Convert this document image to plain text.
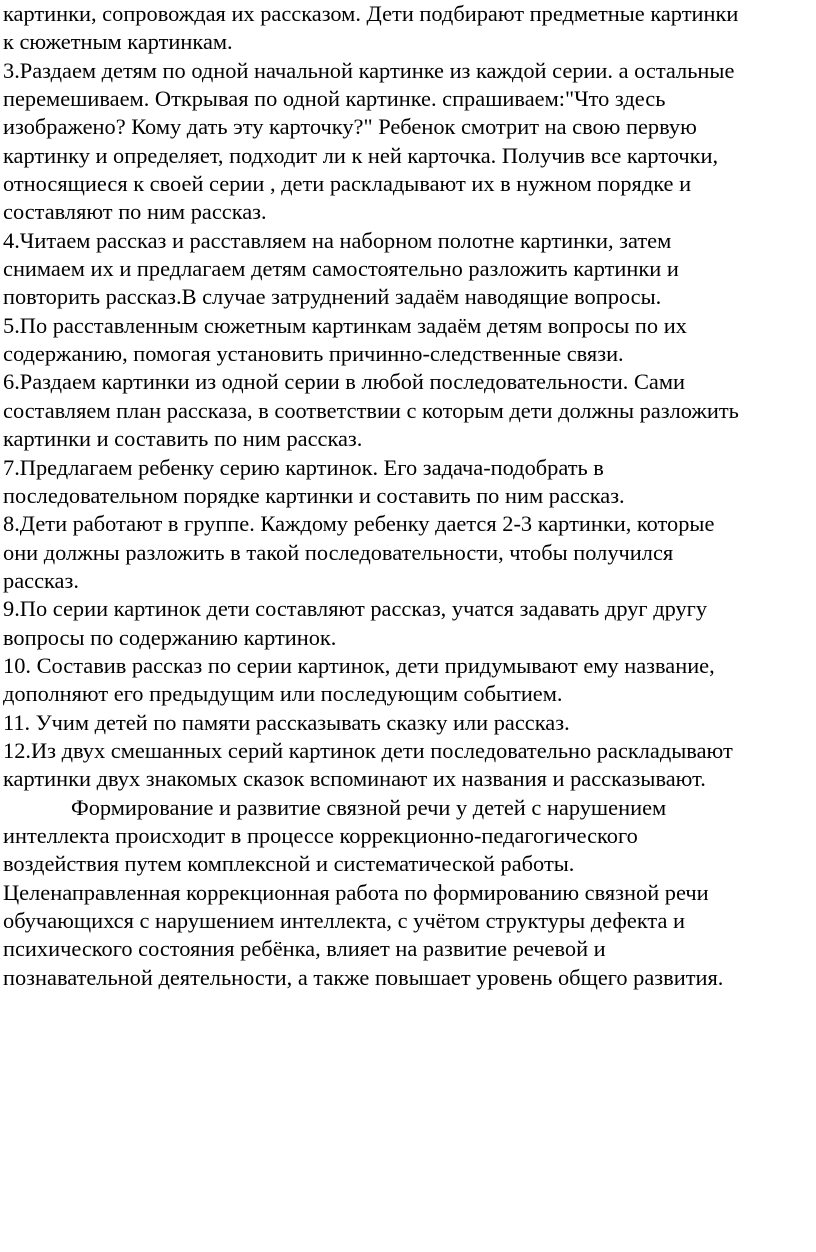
картинки, сопровождая их рассказом. Дети подбирают предметные картинки
к сюжетным картинкам.
3.Раздаем детям по одной начальной картинке из каждой серии. а остальные
перемешиваем. Открывая по одной картинке. спрашиваем:"Что здесь
изображено? Кому дать эту карточку?" Ребенок смотрит на свою первую
картинку и определяет, подходит ли к ней карточка. Получив все карточки,
относящиеся к своей серии , дети раскладывают их в нужном порядке и
составляют по ним рассказ.
4.Читаем рассказ и расставляем на наборном полотне картинки, затем
снимаем их и предлагаем детям самостоятельно разложить картинки и
повторить рассказ.В случае затруднений задаём наводящие вопросы.
5.По расставленным сюжетным картинкам задаём детям вопросы по их
содержанию, помогая установить причинно-следственные связи.
6.Раздаем картинки из одной серии в любой последовательности. Сами
составляем план рассказа, в соответствии с которым дети должны разложить
картинки и составить по ним рассказ.
7.Предлагаем ребенку серию картинок. Его задача-подобрать в
последовательном порядке картинки и составить по ним рассказ.
8.Дети работают в группе. Каждому ребенку дается 2-3 картинки, которые
они должны разложить в такой последовательности, чтобы получился
рассказ.
9.По серии картинок дети составляют рассказ, учатся задавать друг другу
вопросы по содержанию картинок.
10. Составив рассказ по серии картинок, дети придумывают ему название,
дополняют его предыдущим или последующим событием.
11. Учим детей по памяти рассказывать сказку или рассказ.
12.Из двух смешанных серий картинок дети последовательно раскладывают
картинки двух знакомых сказок вспоминают их названия и рассказывают.
Формирование и развитие связной речи у детей с нарушением
интеллекта происходит в процессе коррекционно-педагогического
воздействия путем комплексной и систематической работы.
Целенаправленная коррекционная работа по формированию связной речи
обучающихся с нарушением интеллекта, с учётом структуры дефекта и
психического состояния ребёнка, влияет на развитие речевой и
познавательной деятельности, а также повышает уровень общего развития.
